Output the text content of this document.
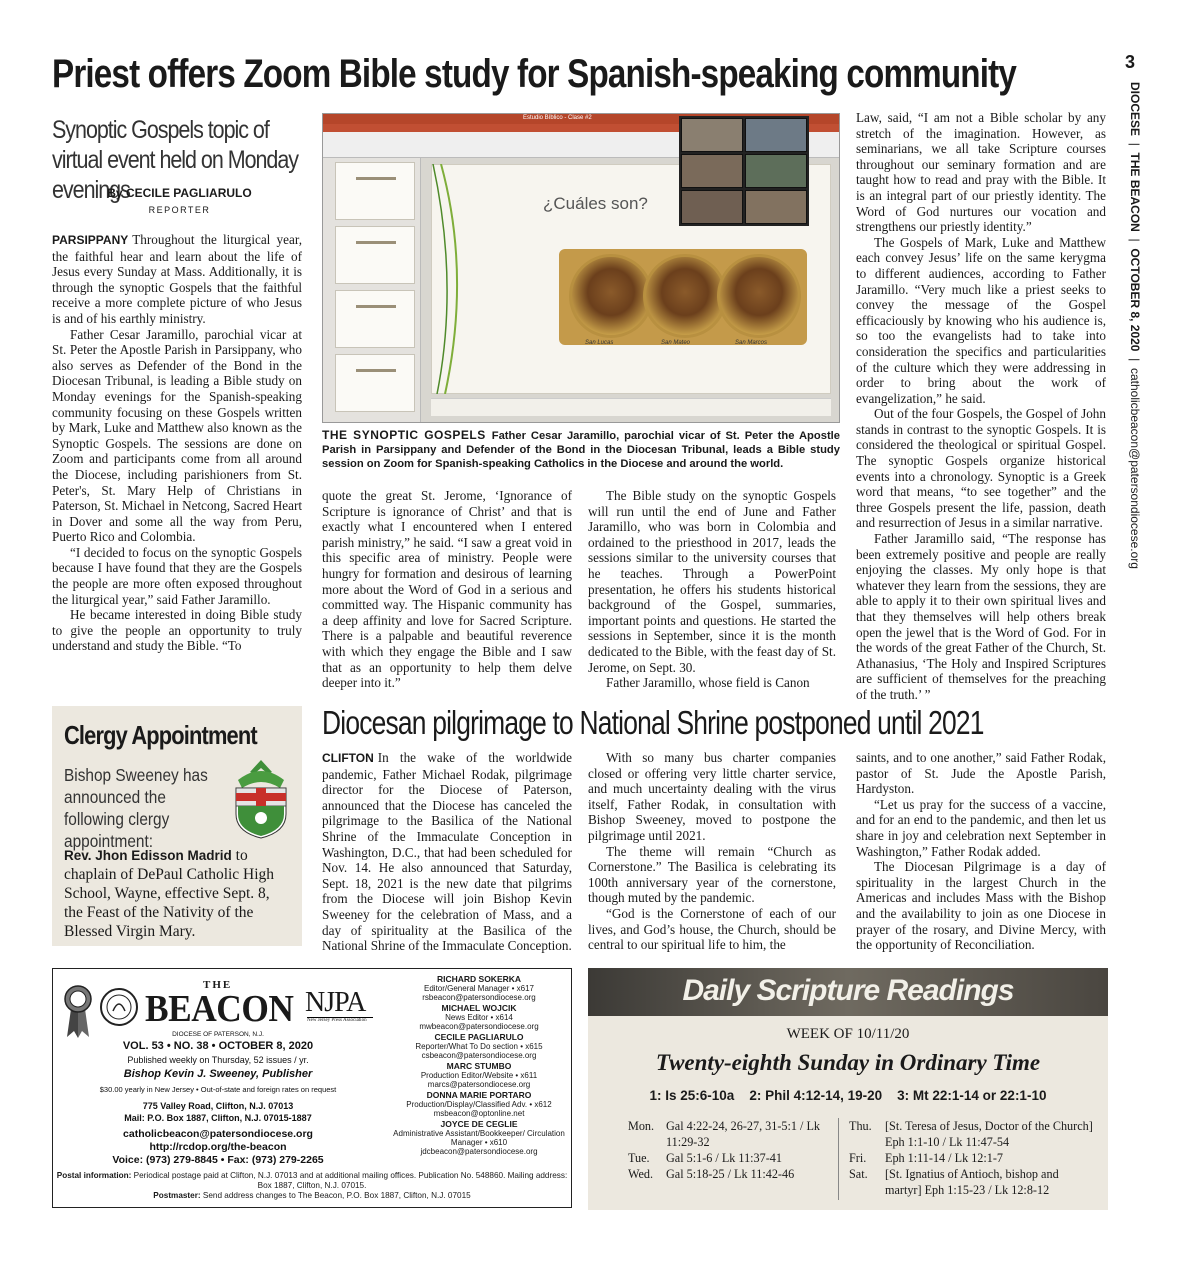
3
DIOCESE  |  THE BEACON  |  OCTOBER 8, 2020  |  catholicbeacon@patersondiocese.org
Priest offers Zoom Bible study for Spanish-speaking community
Synoptic Gospels topic of virtual event held on Monday evenings
By CECILE PAGLIARULO
REPORTER

PARSIPPANY Throughout the liturgical year, the faithful hear and learn about the life of Jesus every Sunday at Mass. Additionally, it is through the synoptic Gospels that the faithful receive a more complete picture of who Jesus is and of his earthly ministry.

Father Cesar Jaramillo, parochial vicar at St. Peter the Apostle Parish in Parsippany, who also serves as Defender of the Bond in the Diocesan Tribunal, is leading a Bible study on Monday evenings for the Spanish-speaking community focusing on these Gospels written by Mark, Luke and Matthew also known as the Synoptic Gospels. The sessions are done on Zoom and participants come from all around the Diocese, including parishioners from St. Peter's, St. Mary Help of Christians in Paterson, St. Michael in Netcong, Sacred Heart in Dover and some all the way from Peru, Puerto Rico and Colombia.

“I decided to focus on the synoptic Gospels because I have found that they are the Gospels the people are more often exposed throughout the liturgical year,” said Father Jaramillo.

He became interested in doing Bible study to give the people an opportunity to truly understand and study the Bible. “To

Estudio Bíblico - Clase #2
¿Cuáles son?
San Lucas	San Mateo	San Marcos
THE SYNOPTIC GOSPELS Father Cesar Jaramillo, parochial vicar of St. Peter the Apostle Parish in Parsippany and Defender of the Bond in the Diocesan Tribunal, leads a Bible study session on Zoom for Spanish-speaking Catholics in the Diocese and around the world.

quote the great St. Jerome, ‘Ignorance of Scripture is ignorance of Christ’ and that is exactly what I encountered when I entered parish ministry,” he said. “I saw a great void in this specific area of ministry. People were hungry for formation and desirous of learning more about the Word of God in a serious and committed way. The Hispanic community has a deep affinity and love for Sacred Scripture. There is a palpable and beautiful reverence with which they engage the Bible and I saw that as an opportunity to help them delve deeper into it.”

The Bible study on the synoptic Gospels will run until the end of June and Father Jaramillo, who was born in Colombia and ordained to the priesthood in 2017, leads the sessions similar to the university courses that he teaches. Through a PowerPoint presentation, he offers his students historical background of the Gospel, summaries, important points and questions. He started the sessions in September, since it is the month dedicated to the Bible, with the feast day of St. Jerome, on Sept. 30.

Father Jaramillo, whose field is Canon

Law, said, “I am not a Bible scholar by any stretch of the imagination. However, as seminarians, we all take Scripture courses throughout our seminary formation and are taught how to read and pray with the Bible. It is an integral part of our priestly identity. The Word of God nurtures our vocation and strengthens our priestly identity.”

The Gospels of Mark, Luke and Matthew each convey Jesus’ life on the same kerygma to different audiences, according to Father Jaramillo. “Very much like a priest seeks to convey the message of the Gospel efficaciously by knowing who his audience is, so too the evangelists had to take into consideration the specifics and particularities of the culture which they were addressing in order to bring about the work of evangelization,” he said.

Out of the four Gospels, the Gospel of John stands in contrast to the synoptic Gospels. It is considered the theological or spiritual Gospel. The synoptic Gospels organize historical events into a chronology. Synoptic is a Greek word that means, “to see together” and the three Gospels present the life, passion, death and resurrection of Jesus in a similar narrative.

Father Jaramillo said, “The response has been extremely positive and people are really enjoying the classes. My only hope is that whatever they learn from the sessions, they are able to apply it to their own spiritual lives and that they themselves will help others break open the jewel that is the Word of God. For in the words of the great Father of the Church, St. Athanasius, ‘The Holy and Inspired Scriptures are sufficient of themselves for the preaching of the truth.’ ”

Clergy Appointment
Bishop Sweeney has announced the following clergy appointment:
Rev. Jhon Edisson Madrid to chaplain of DePaul Catholic High School, Wayne, effective Sept. 8, the Feast of the Nativity of the Blessed Virgin Mary.
Diocesan pilgrimage to National Shrine postponed until 2021

CLIFTON In the wake of the worldwide pandemic, Father Michael Rodak, pilgrimage director for the Diocese of Paterson, announced that the Diocese has canceled the pilgrimage to the Basilica of the National Shrine of the Immaculate Conception in Washington, D.C., that had been scheduled for Nov. 14. He also announced that Saturday, Sept. 18, 2021 is the new date that pilgrims from the Diocese will join Bishop Kevin Sweeney for the celebration of Mass, and a day of spirituality at the Basilica of the National Shrine of the Immaculate Conception.

With so many bus charter companies closed or offering very little charter service, and much uncertainty dealing with the virus itself, Father Rodak, in consultation with Bishop Sweeney, moved to postpone the pilgrimage until 2021.

The theme will remain “Church as Cornerstone.” The Basilica is celebrating its 100th anniversary year of the cornerstone, though muted by the pandemic.

“God is the Cornerstone of each of our lives, and God’s house, the Church, should be central to our spiritual life to him, the

saints, and to one another,” said Father Rodak, pastor of St. Jude the Apostle Parish, Hardyston.

“Let us pray for the success of a vaccine, and for an end to the pandemic, and then let us share in joy and celebration next September in Washington,” Father Rodak added.

The Diocesan Pilgrimage is a day of spirituality in the largest Church in the Americas and includes Mass with the Bishop and the availability to join as one Diocese in prayer of the rosary, and Divine Mercy, with the opportunity of Reconciliation.

THE
BEACON NJPA
New Jersey Press Association
DIOCESE OF PATERSON, N.J.
VOL. 53 • NO. 38 • OCTOBER 8, 2020
Published weekly on Thursday, 52 issues / yr.
Bishop Kevin J. Sweeney, Publisher
$30.00 yearly in New Jersey • Out-of-state and foreign rates on request
775 Valley Road, Clifton, N.J. 07013
Mail: P.O. Box 1887, Clifton, N.J. 07015-1887
catholicbeacon@patersondiocese.org
http://rcdop.org/the-beacon
Voice: (973) 279-8845 • Fax: (973) 279-2265
RICHARD SOKERKA
Editor/General Manager • x617
rsbeacon@patersondiocese.org
MICHAEL WOJCIK
News Editor • x614
mwbeacon@patersondiocese.org
CECILE PAGLIARULO
Reporter/What To Do section • x615
csbeacon@patersondiocese.org
MARC STUMBO
Production Editor/Website • x611
marcs@patersondiocese.org
DONNA MARIE PORTARO
Production/Display/Classified Adv. • x612
msbeacon@optonline.net
JOYCE DE CEGLIE
Administrative Assistant/Bookkeeper/ Circulation Manager • x610
jdcbeacon@patersondiocese.org
Postal information: Periodical postage paid at Clifton, N.J. 07013 and at additional mailing offices. Publication No. 548860. Mailing address: Box 1887, Clifton, N.J. 07015.
Postmaster: Send address changes to The Beacon, P.O. Box 1887, Clifton, N.J. 07015
Daily Scripture Readings
WEEK OF 10/11/20
Twenty-eighth Sunday in Ordinary Time
1: Is 25:6-10a    2: Phil 4:12-14, 19-20    3: Mt 22:1-14 or 22:1-10
Mon. Gal 4:22-24, 26-27, 31-5:1 / Lk 11:29-32
Tue.	Gal 5:1-6 / Lk 11:37-41
Wed.	Gal 5:18-25 / Lk 11:42-46
Thu.	[St. Teresa of Jesus, Doctor of the Church] Eph 1:1-10 / Lk 11:47-54
Fri.	Eph 1:11-14 / Lk 12:1-7
Sat.	[St. Ignatius of Antioch, bishop and martyr] Eph 1:15-23 / Lk 12:8-12
